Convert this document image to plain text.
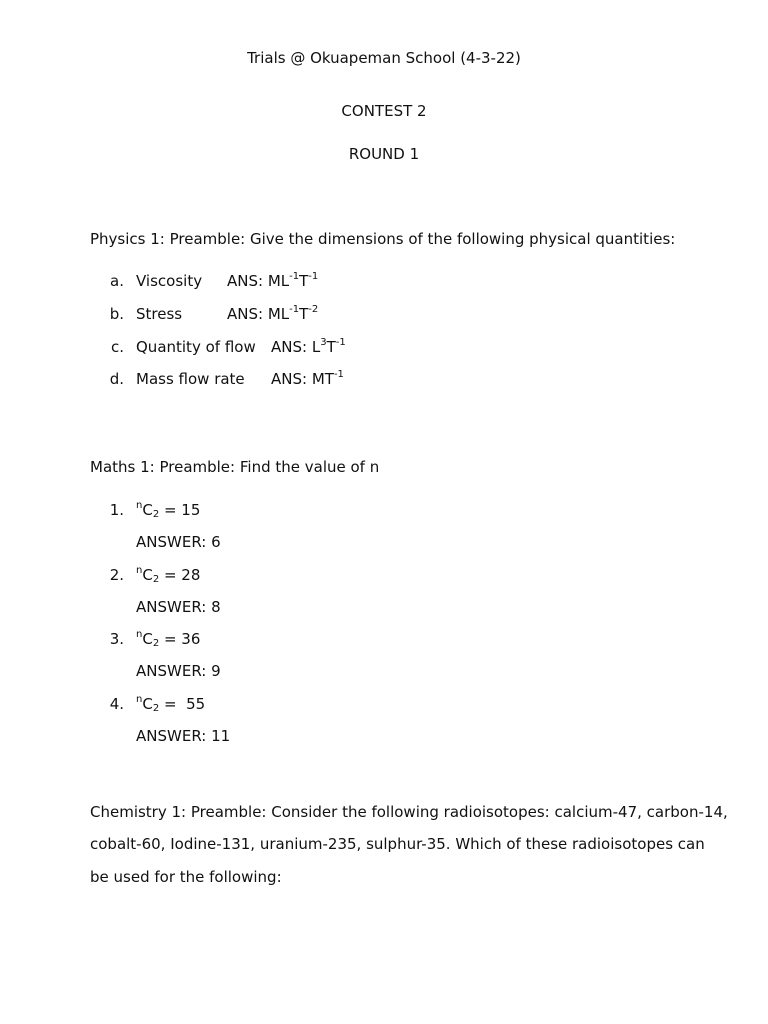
Trials @ Okuapeman School (4-3-22)
CONTEST 2
ROUND 1
Physics 1: Preamble: Give the dimensions of the following physical quantities:
a. Viscosity ANS: $ML^{-1}T^{-1}$
b. Stress	ANS: $ML^{-1}T^{-2}$
c. Quantity of flow ANS: $L^3T^{-1}$
d. Mass flow rate ANS: $MT^{-1}$
Maths 1: Preamble: Find the value of n
1. $^nC_2 = 15$
ANSWER: 6
2. $^nC_2 = 28$
ANSWER: 8
3. $^nC_2 = 36$
ANSWER: 9
4. $^nC_2 = 55$
ANSWER: 11
Chemistry 1: Preamble: Consider the following radioisotopes: calcium-47, carbon-14,
cobalt-60, Iodine-131, uranium-235, sulphur-35. Which of these radioisotopes can
be used for the following:
